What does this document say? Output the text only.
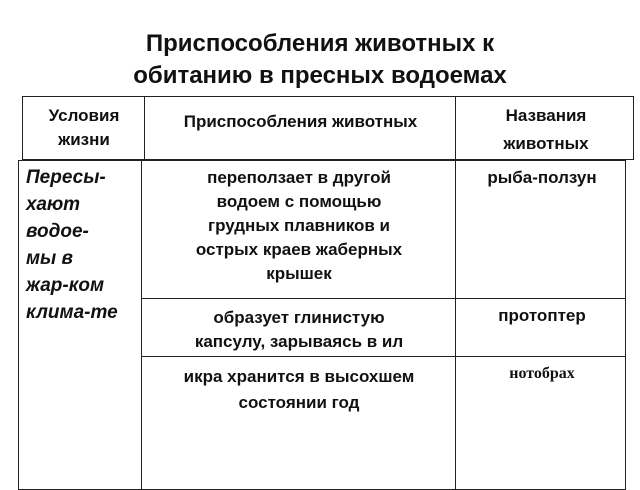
Приспособления животных к
обитанию в пресных водоемах
Условия
жизни
Приспособления животных	Названия
животных
Пересы-
хают
водое-
мы в
жар-ком
клима-те
переползает в другой
водоем с помощью
грудных плавников и
острых краев жаберных
крышек
рыба-ползун
образует глинистую
капсулу, зарываясь в ил
протоптер
икра хранится в высохшем
состоянии год
нотобрах
